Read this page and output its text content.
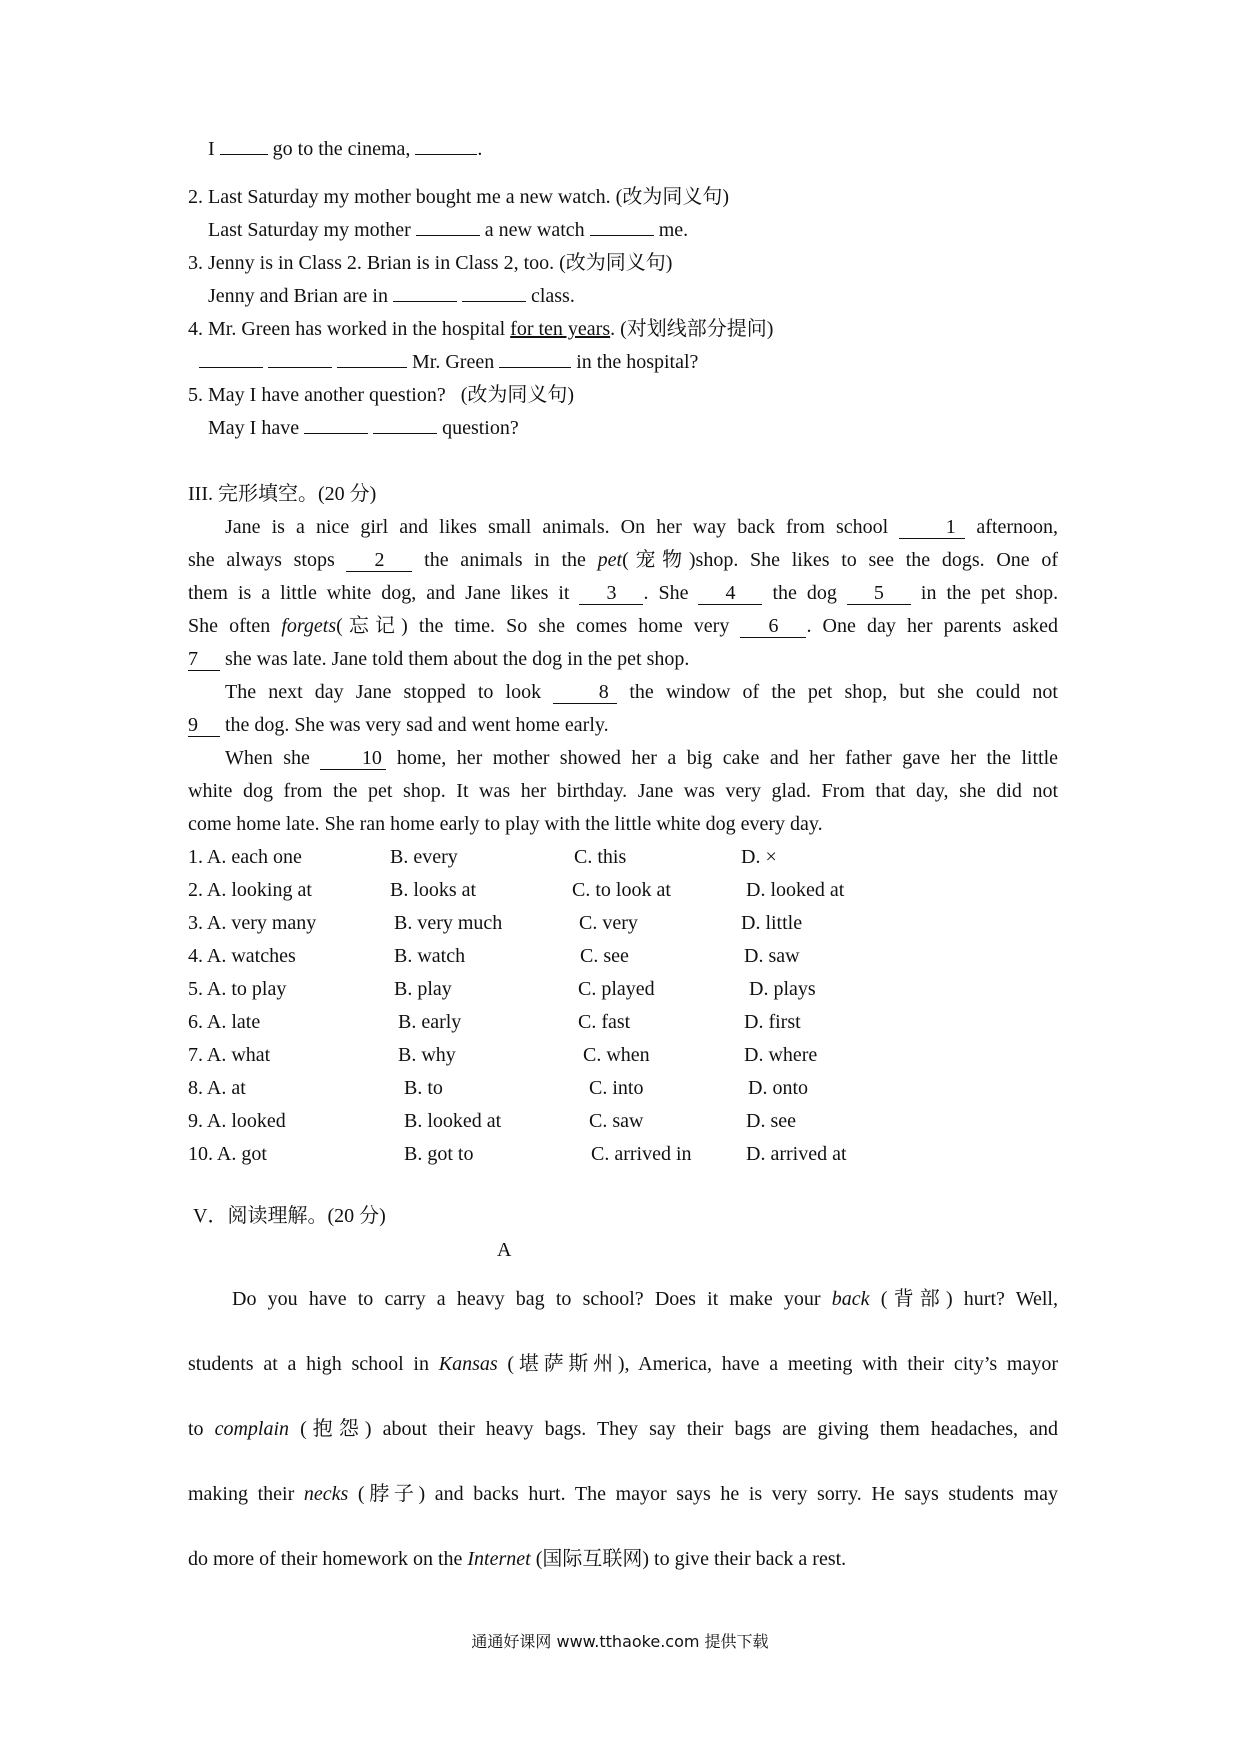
I	go to the cinema,	.
2. Last Saturday my mother bought me a new watch. (改为同义句)
Last Saturday my mother	a new watch	me.
3. Jenny is in Class 2. Brian is in Class 2, too. (改为同义句)
Jenny and Brian are in	class.
4. Mr. Green has worked in the hospital for ten years. (对划线部分提问)
Mr. Green	in the hospital?
5. May I have another question?   (改为同义句)
May I have	question?
III. 完形填空。(20 分)
Jane is a nice girl and likes small animals. On her way back from school	1 afternoon,
she always stops 2 the animals in the pet(宠物)shop. She likes to see the dogs. One of
them is a little white dog, and Jane likes it 3 . She 4 the dog 5 in the pet shop.
She often forgets(忘记) the time. So she comes home very 6 . One day her parents asked
7 she was late. Jane told them about the dog in the pet shop.
The next day Jane stopped to look	8 the window of the pet shop, but she could not
9 the dog. She was very sad and went home early.
When she	10 home, her mother showed her a big cake and her father gave her the little
white dog from the pet shop. It was her birthday. Jane was very glad. From that day, she did not
come home late. She ran home early to play with the little white dog every day.
1. A. each one	B. every	C. this	D. ×
2. A. looking at	B. looks at	C. to look at	D. looked at
3. A. very many	B. very much	C. very	D. little
4. A. watches	B. watch	C. see	D. saw
5. A. to play	B. play	C. played	D. plays
6. A. late	B. early	C. fast	D. first
7. A. what	B. why	C. when	D. where
8. A. at	B. to	C. into	D. onto
9. A. looked	B. looked at	C. saw	D. see
10. A. got	B. got to	C. arrived in	D. arrived at
V．阅读理解。(20 分)
A
Do you have to carry a heavy bag to school? Does it make your back (背部) hurt? Well,
students at a high school in Kansas (堪萨斯州), America, have a meeting with their city’s mayor
to complain (抱怨) about their heavy bags. They say their bags are giving them headaches, and
making their necks (脖子) and backs hurt. The mayor says he is very sorry. He says students may
do more of their homework on the Internet (国际互联网) to give their back a rest.
通通好课网 www.tthaoke.com 提供下载
